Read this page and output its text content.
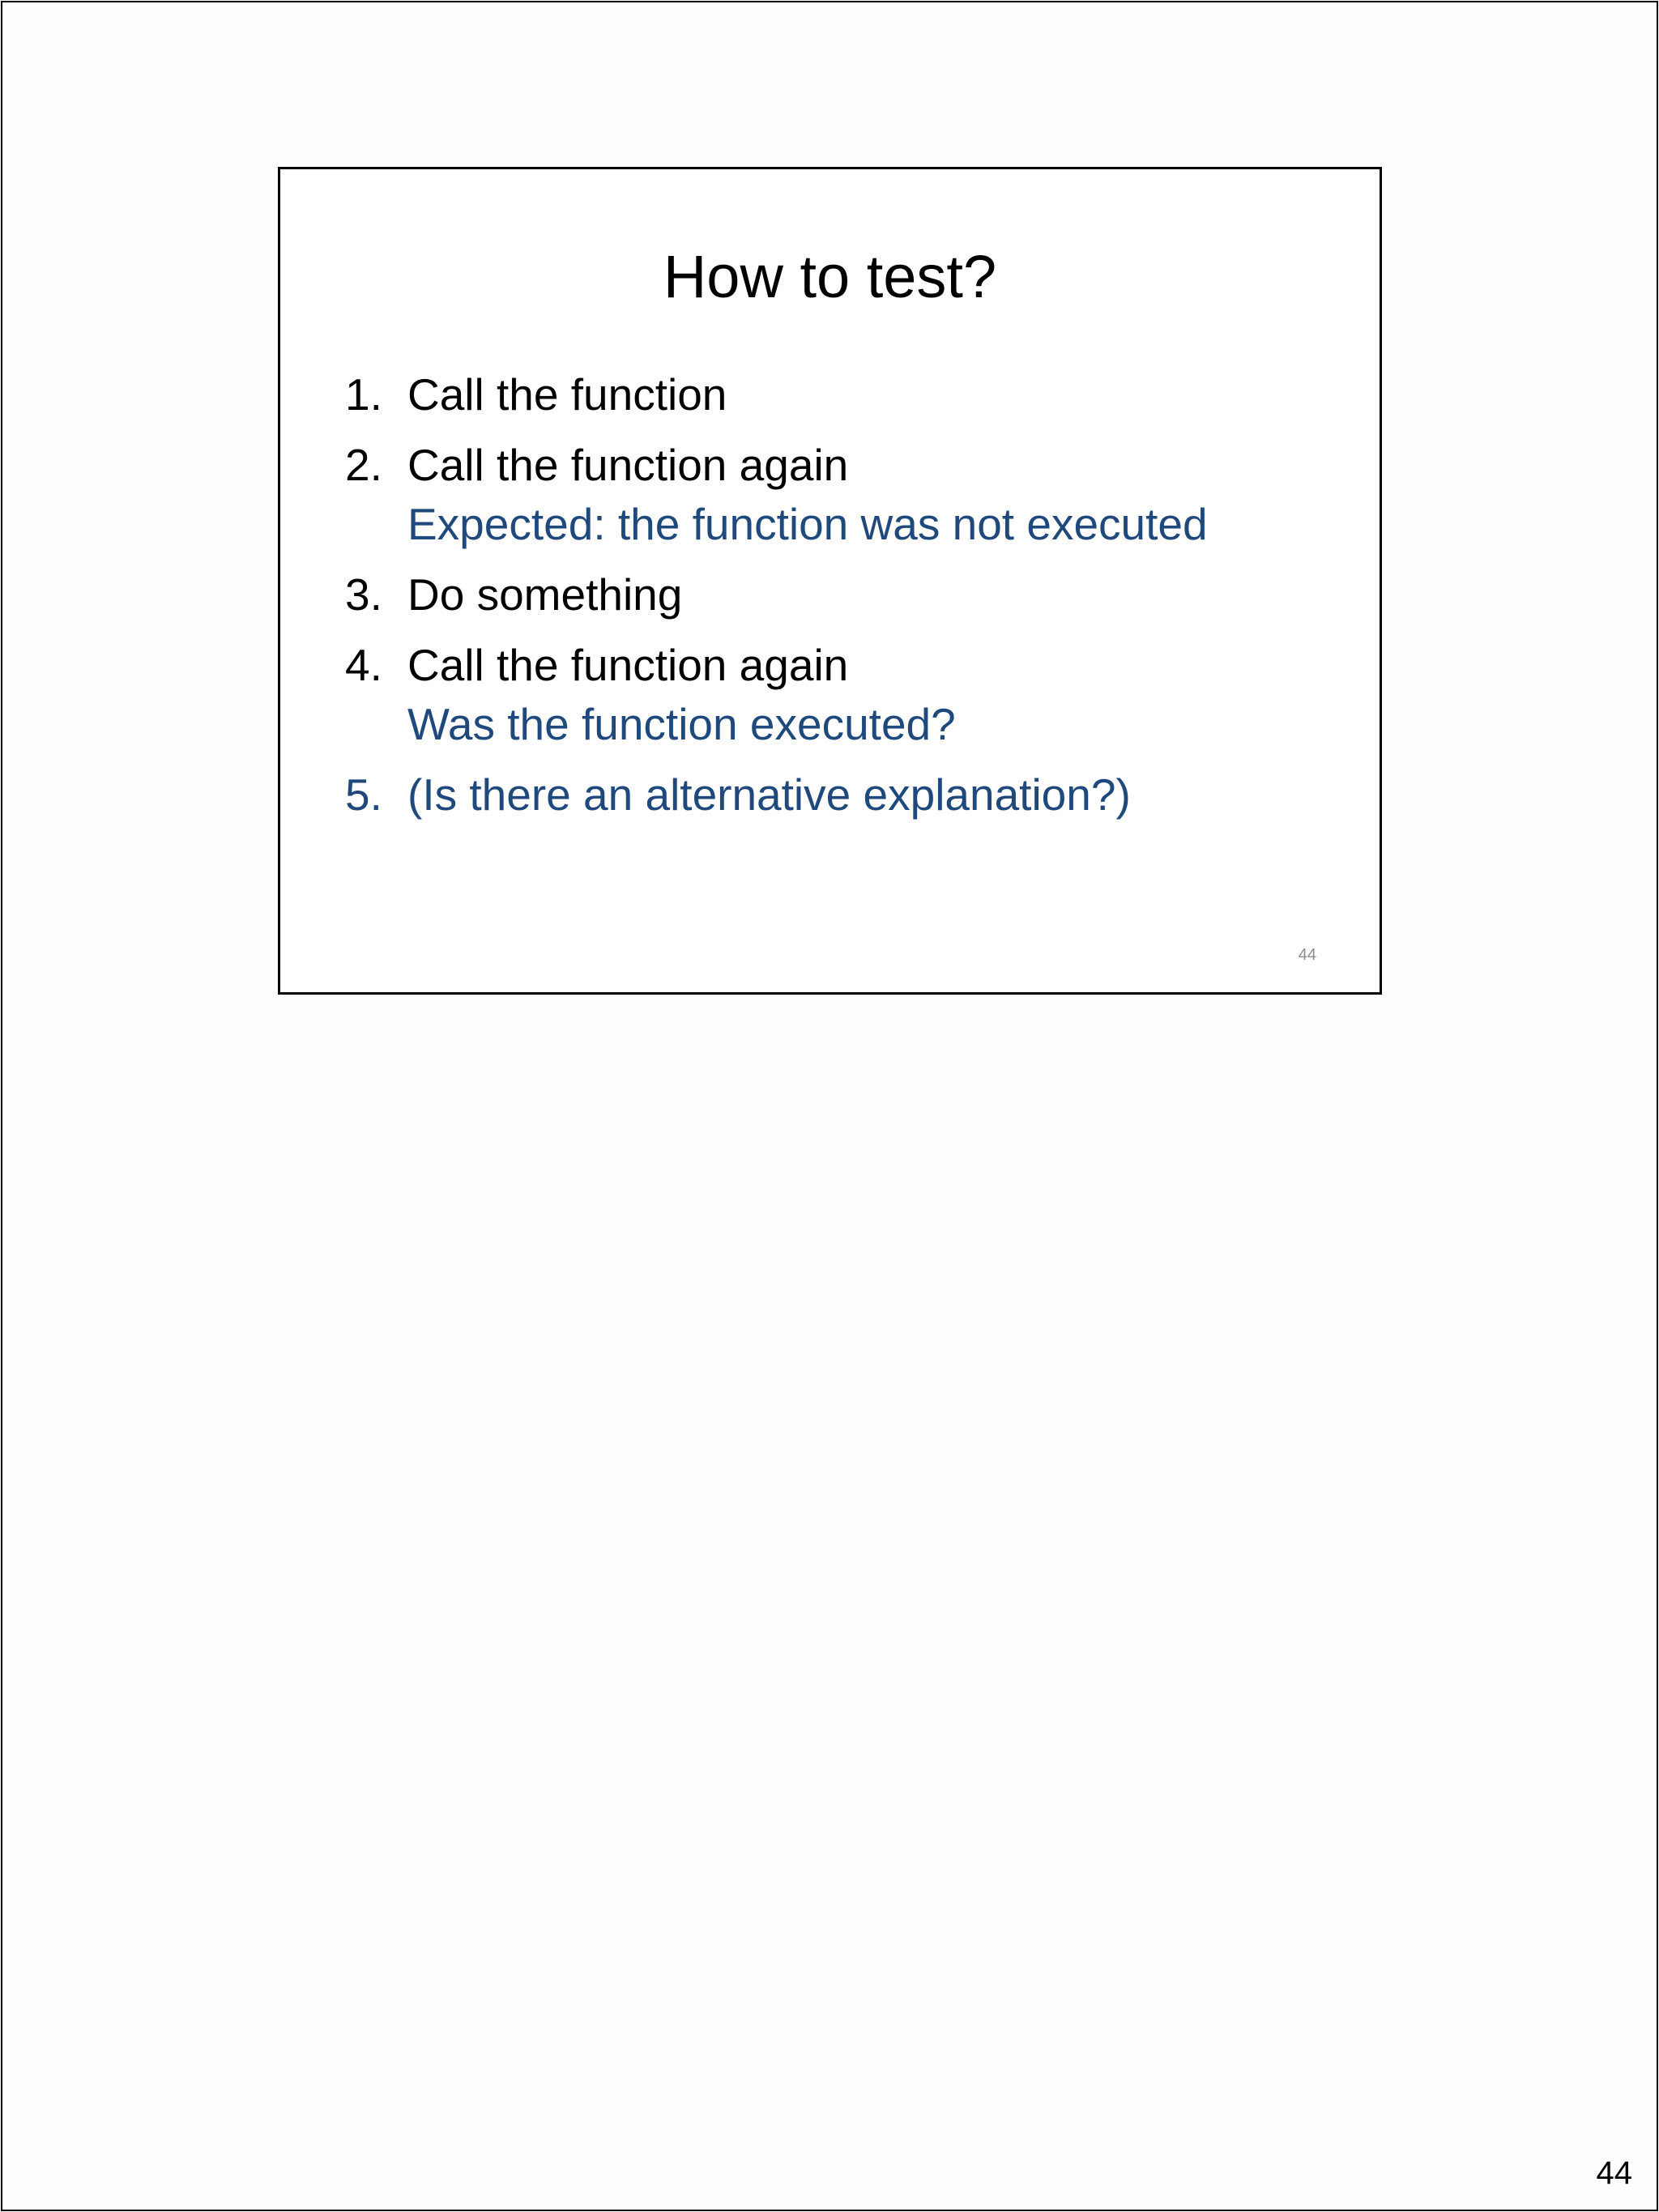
How to test?
1. Call the function
2. Call the function again
Expected: the function was not executed
3. Do something
4. Call the function again
Was the function executed?
5. (Is there an alternative explanation?)
44
44
